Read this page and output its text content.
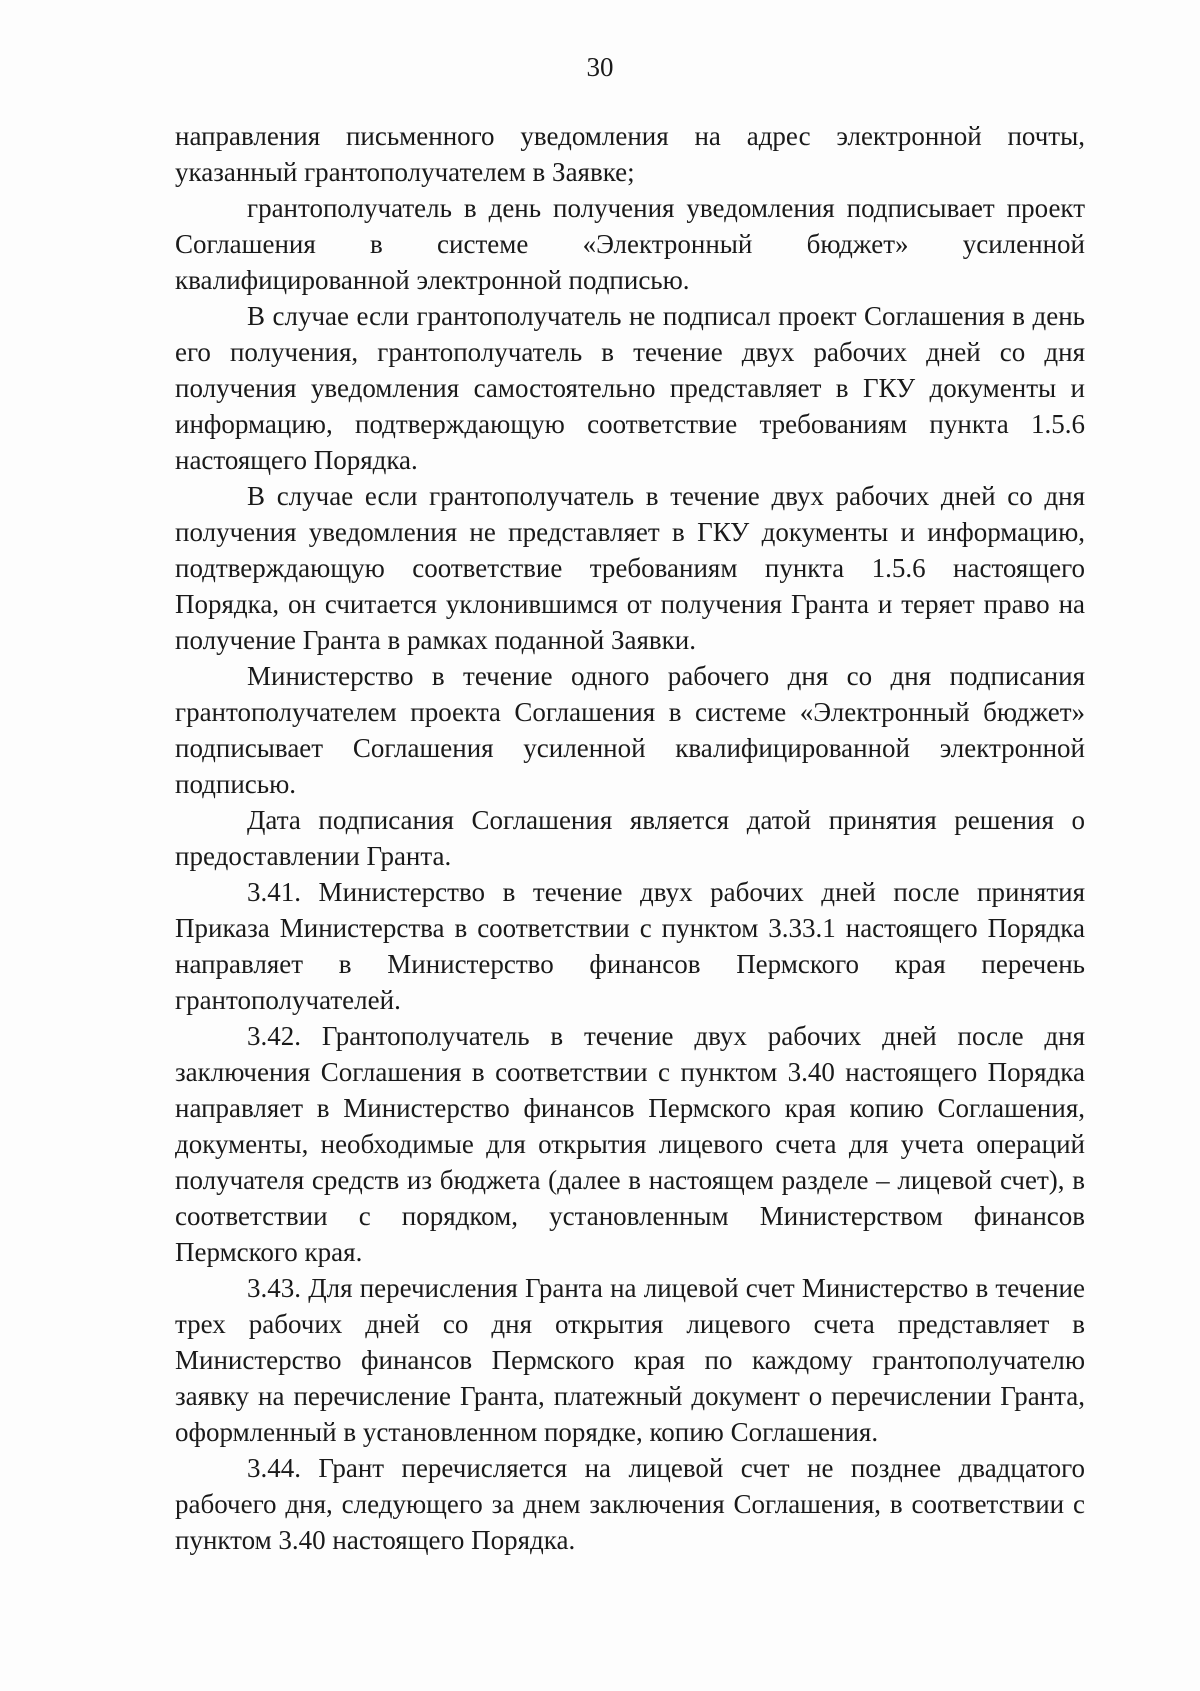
30

направления письменного уведомления на адрес электронной почты, указанный грантополучателем в Заявке;

грантополучатель в день получения уведомления подписывает проект Соглашения в системе «Электронный бюджет» усиленной квалифицированной электронной подписью.

В случае если грантополучатель не подписал проект Соглашения в день его получения, грантополучатель в течение двух рабочих дней со дня получения уведомления самостоятельно представляет в ГКУ документы и информацию, подтверждающую соответствие требованиям пункта 1.5.6 настоящего Порядка.

В случае если грантополучатель в течение двух рабочих дней со дня получения уведомления не представляет в ГКУ документы и информацию, подтверждающую соответствие требованиям пункта 1.5.6 настоящего Порядка, он считается уклонившимся от получения Гранта и теряет право на получение Гранта в рамках поданной Заявки.

Министерство в течение одного рабочего дня со дня подписания грантополучателем проекта Соглашения в системе «Электронный бюджет» подписывает Соглашения усиленной квалифицированной электронной подписью.

Дата подписания Соглашения является датой принятия решения о предоставлении Гранта.

3.41. Министерство в течение двух рабочих дней после принятия Приказа Министерства в соответствии с пунктом 3.33.1 настоящего Порядка направляет в Министерство финансов Пермского края перечень грантополучателей.

3.42. Грантополучатель в течение двух рабочих дней после дня заключения Соглашения в соответствии с пунктом 3.40 настоящего Порядка направляет в Министерство финансов Пермского края копию Соглашения, документы, необходимые для открытия лицевого счета для учета операций получателя средств из бюджета (далее в настоящем разделе – лицевой счет), в соответствии с порядком, установленным Министерством финансов Пермского края.

3.43. Для перечисления Гранта на лицевой счет Министерство в течение трех рабочих дней со дня открытия лицевого счета представляет в Министерство финансов Пермского края по каждому грантополучателю заявку на перечисление Гранта, платежный документ о перечислении Гранта, оформленный в установленном порядке, копию Соглашения.

3.44. Грант перечисляется на лицевой счет не позднее двадцатого рабочего дня, следующего за днем заключения Соглашения, в соответствии с пунктом 3.40 настоящего Порядка.
